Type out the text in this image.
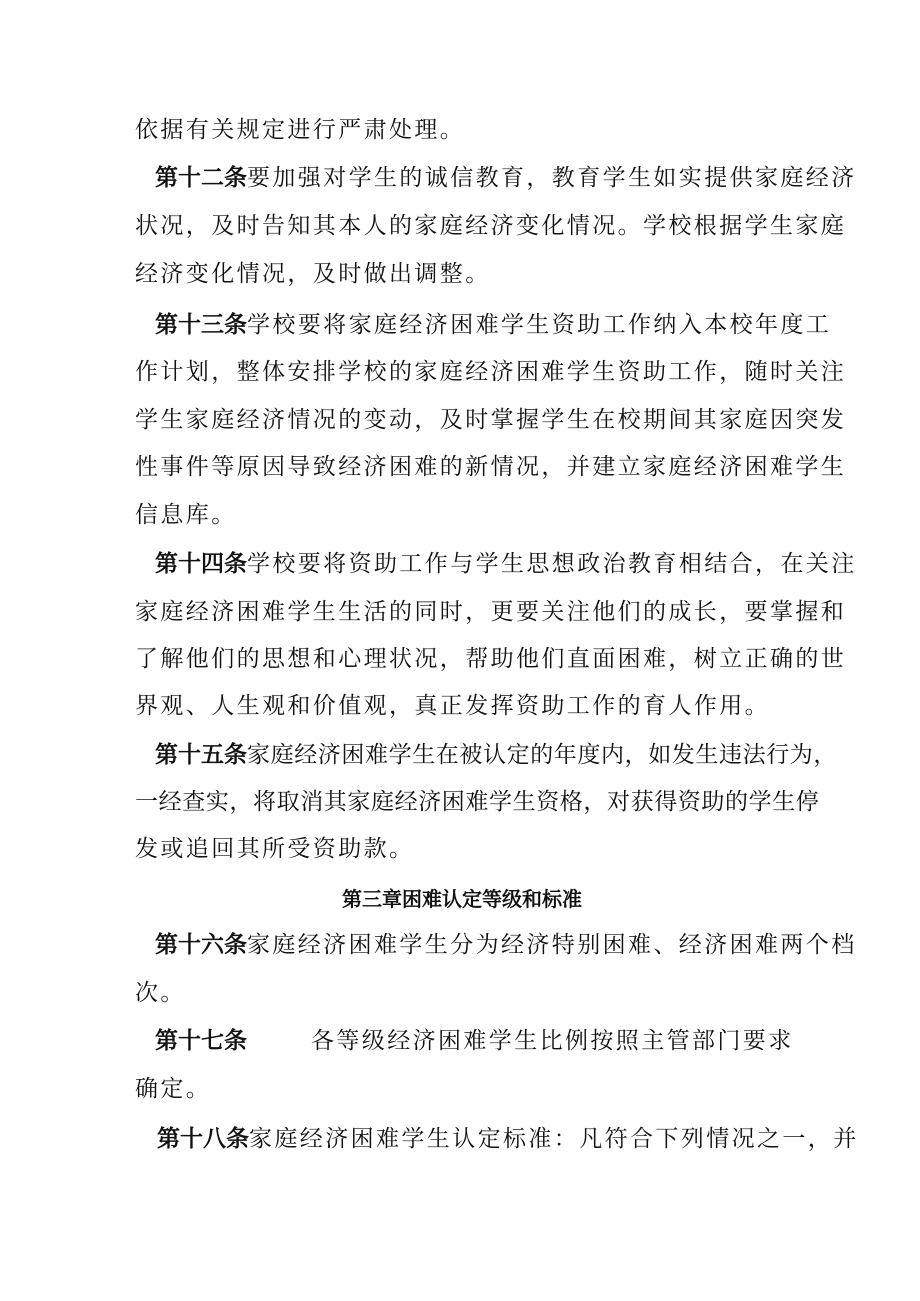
依据有关规定进行严肃处理。
第十二条要加强对学生的诚信教育，教育学生如实提供家庭经济
状况，及时告知其本人的家庭经济变化情况。学校根据学生家庭
经济变化情况，及时做出调整。
第十三条学校要将家庭经济困难学生资助工作纳入本校年度工
作计划，整体安排学校的家庭经济困难学生资助工作，随时关注
学生家庭经济情况的变动，及时掌握学生在校期间其家庭因突发
性事件等原因导致经济困难的新情况，并建立家庭经济困难学生
信息库。
第十四条学校要将资助工作与学生思想政治教育相结合，在关注
家庭经济困难学生生活的同时，更要关注他们的成长，要掌握和
了解他们的思想和心理状况，帮助他们直面困难，树立正确的世
界观、人生观和价值观，真正发挥资助工作的育人作用。
第十五条家庭经济困难学生在被认定的年度内，如发生违法行为，
一经查实，将取消其家庭经济困难学生资格，对获得资助的学生停
发或追回其所受资助款。
第三章困难认定等级和标准
第十六条家庭经济困难学生分为经济特别困难、经济困难两个档
次。
第十七条	各等级经济困难学生比例按照主管部门要求
确定。
第十八条家庭经济困难学生认定标准：凡符合下列情况之一，并
